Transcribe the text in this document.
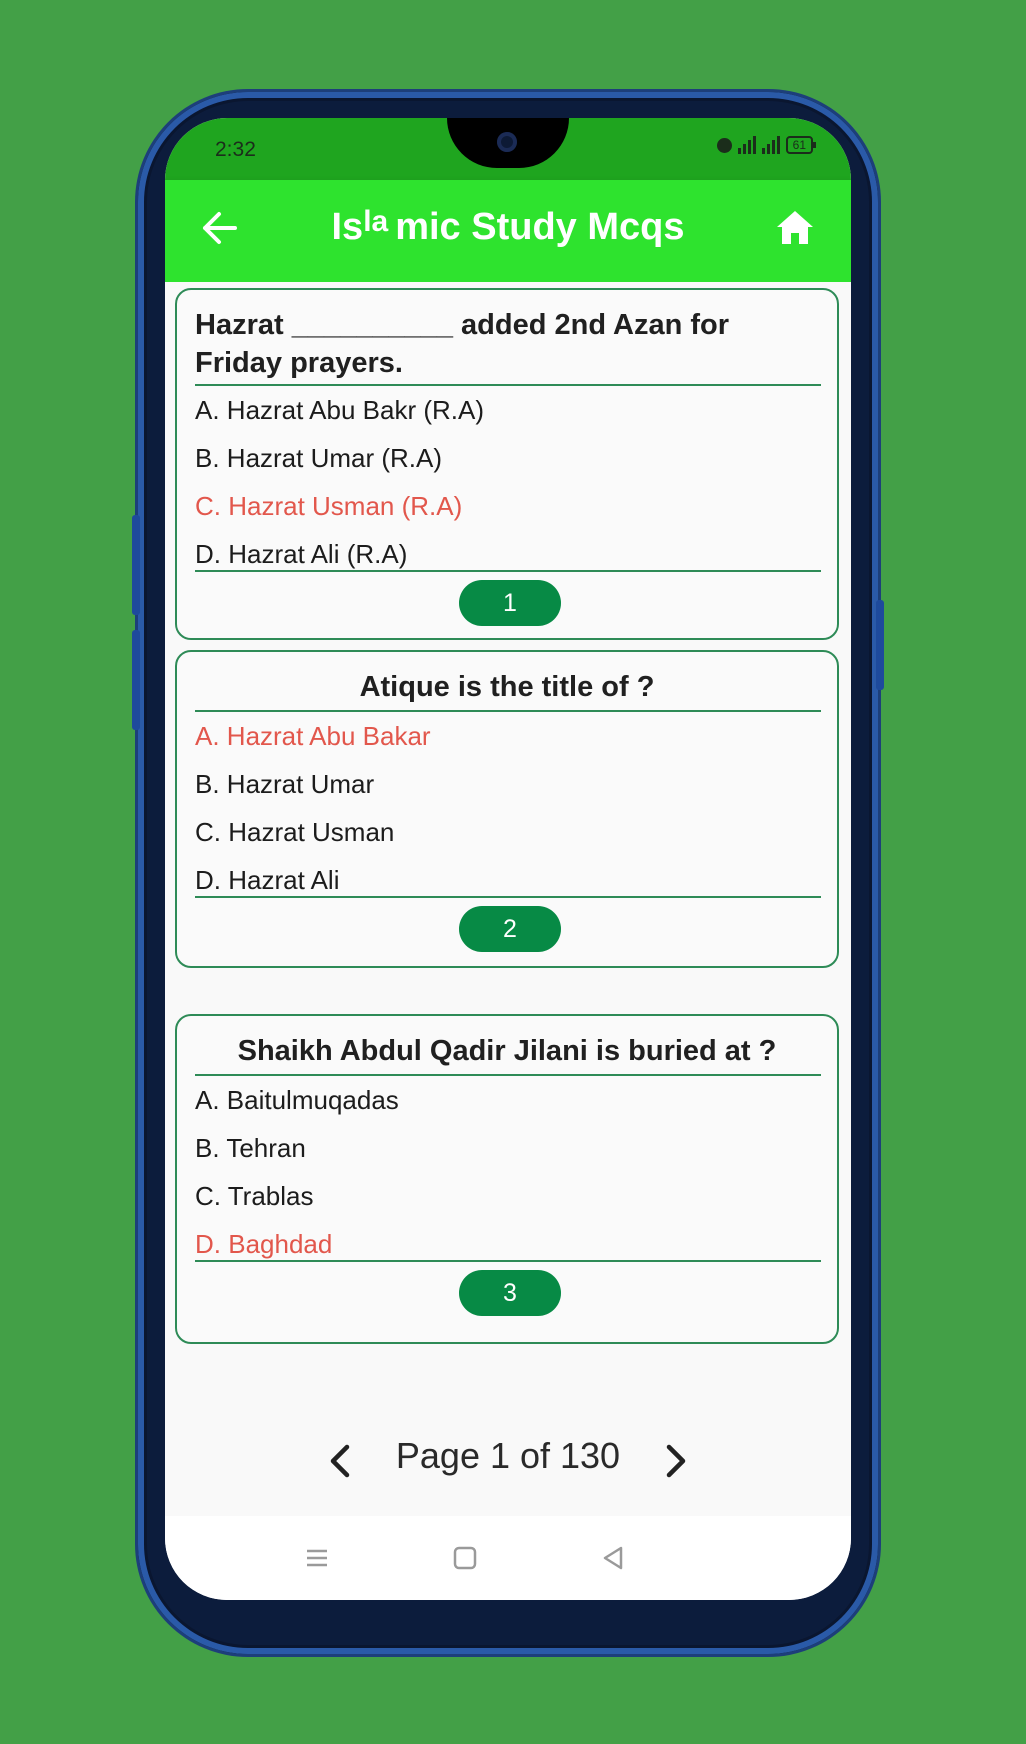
2:32	61
Is la mic Study Mcqs
Hazrat __________ added 2nd Azan for Friday prayers.
A. Hazrat Abu Bakr (R.A)
B. Hazrat Umar (R.A)
C. Hazrat Usman (R.A)
D. Hazrat Ali (R.A)
1
Atique is the title of ?
A. Hazrat Abu Bakar
B. Hazrat Umar
C. Hazrat Usman
D. Hazrat Ali
2
Shaikh Abdul Qadir Jilani is buried at ?
A. Baitulmuqadas
B. Tehran
C. Trablas
D. Baghdad
3
Page 1 of 130
